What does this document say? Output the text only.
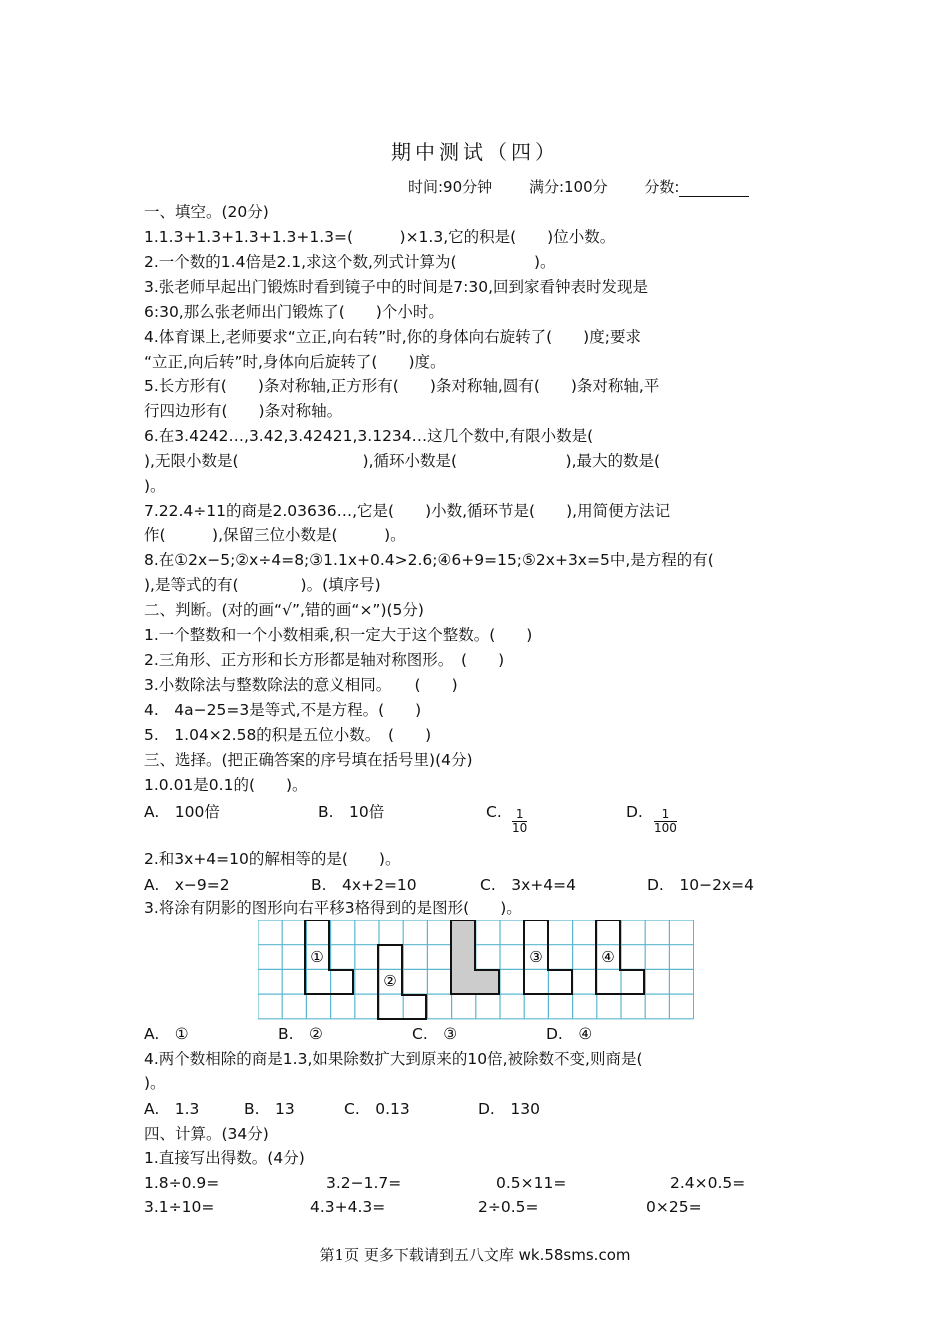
期中测试（四）
时间:90分钟 满分:100分 分数:
一、填空。(20分)
1.1.3+1.3+1.3+1.3+1.3=(　　　)×1.3,它的积是(　　)位小数。
2.一个数的1.4倍是2.1,求这个数,列式计算为(　　　　　)。
3.张老师早起出门锻炼时看到镜子中的时间是7:30,回到家看钟表时发现是
6:30,那么张老师出门锻炼了(　　)个小时。
4.体育课上,老师要求“立正,向右转”时,你的身体向右旋转了(　　)度;要求
“立正,向后转”时,身体向后旋转了(　　)度。
5.长方形有(　　)条对称轴,正方形有(　　)条对称轴,圆有(　　)条对称轴,平
行四边形有(　　)条对称轴。
6.在3.4242…,3.42,3.42421,3.1234…这几个数中,有限小数是(
),无限小数是(　　　　　　　　),循环小数是(　　　　　　　),最大的数是(
)。
7.22.4÷11的商是2.03636…,它是(　　)小数,循环节是(　　),用简便方法记
作(　　　),保留三位小数是(　　　)。
8.在①2x−5;②x÷4=8;③1.1x+0.4>2.6;④6+9=15;⑤2x+3x=5中,是方程的有(
),是等式的有(　　　　)。(填序号)
二、判断。(对的画“√”,错的画“×”)(5分)
1.一个整数和一个小数相乘,积一定大于这个整数。(　　)
2.三角形、正方形和长方形都是轴对称图形。　(　　)
3.小数除法与整数除法的意义相同。　　(　　)
4.　4a−25=3是等式,不是方程。(　　)
5.　1.04×2.58的积是五位小数。　(　　)
三、选择。(把正确答案的序号填在括号里)(4分)
1.0.01是0.1的(　　)。
A.　100倍	B.　10倍	C. $\frac{1}{10}$	D. $\frac{1}{100}$
2.和3x+4=10的解相等的是(　　)。
A.　x−9=2	B.　4x+2=10	C.　3x+4=4	D.　10−2x=4
3.将涂有阴影的图形向右平移3格得到的是图形(　　)。
①
②
④
③
A.　①	B.　②	C.　③	D.　④
4.两个数相除的商是1.3,如果除数扩大到原来的10倍,被除数不变,则商是(
)。
A.　1.3	B.　13	C.　0.13	D.　130
四、计算。(34分)
1.直接写出得数。(4分)
1.8÷0.9=	3.2−1.7=	0.5×11=	2.4×0.5=
3.1÷10=	4.3+4.3=	2÷0.5=	0×25=
第1页 更多下载请到五八文库 wk.58sms.com
